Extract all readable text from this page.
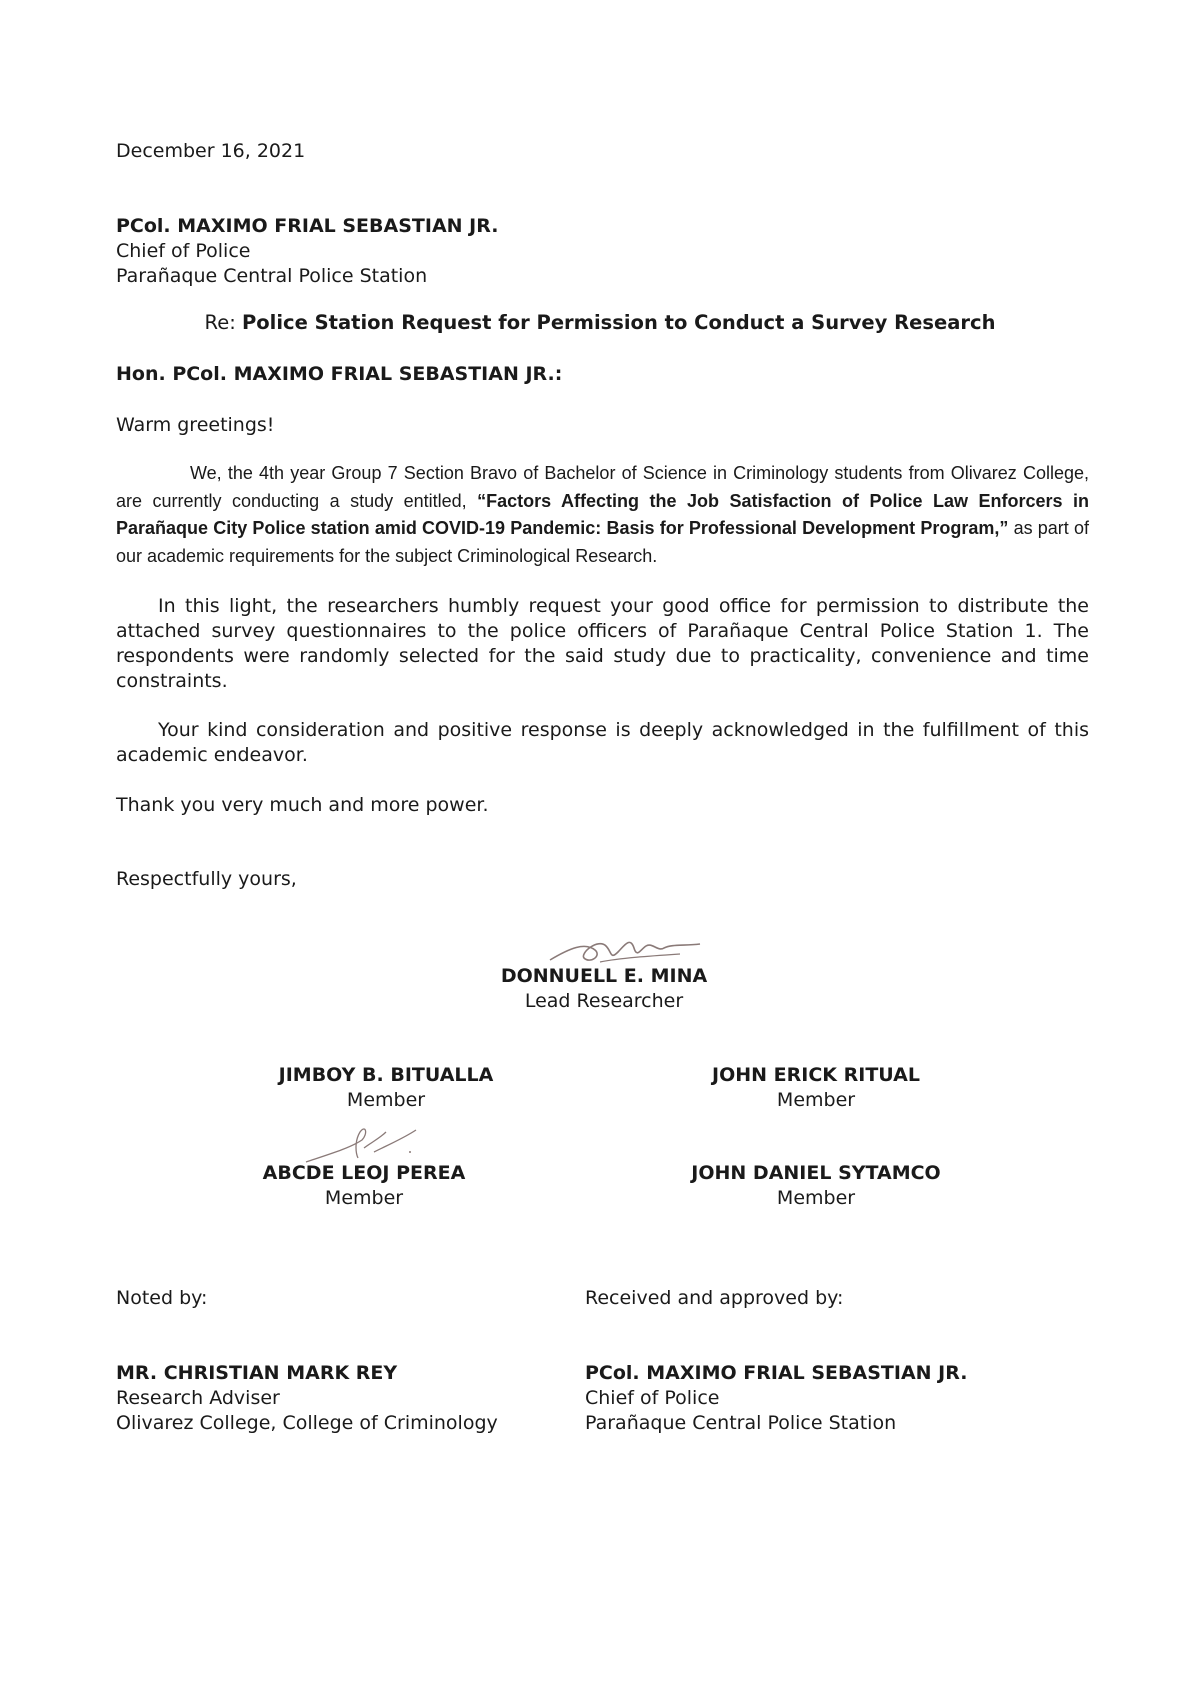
December 16, 2021
PCol. MAXIMO FRIAL SEBASTIAN JR.
Chief of Police
Parañaque Central Police Station
Re: Police Station Request for Permission to Conduct a Survey Research
Hon. PCol. MAXIMO FRIAL SEBASTIAN JR.:
Warm greetings!
We, the 4th year Group 7 Section Bravo of Bachelor of Science in Criminology students from Olivarez College, are currently conducting a study entitled, “Factors Affecting the Job Satisfaction of Police Law Enforcers in Parañaque City Police station amid COVID-19 Pandemic: Basis for Professional Development Program,” as part of our academic requirements for the subject Criminological Research.
In this light, the researchers humbly request your good office for permission to distribute the attached survey questionnaires to the police officers of Parañaque Central Police Station 1. The respondents were randomly selected for the said study due to practicality, convenience and time constraints.
Your kind consideration and positive response is deeply acknowledged in the fulfillment of this academic endeavor.
Thank you very much and more power.
Respectfully yours,
DONNUELL E. MINA
Lead Researcher
JIMBOY B. BITUALLA
Member
JOHN ERICK RITUAL
Member
ABCDE LEOJ PEREA
Member
JOHN DANIEL SYTAMCO
Member
Noted by:	Received and approved by:
MR. CHRISTIAN MARK REY
Research Adviser
Olivarez College, College of Criminology
PCol. MAXIMO FRIAL SEBASTIAN JR.
Chief of Police
Parañaque Central Police Station
